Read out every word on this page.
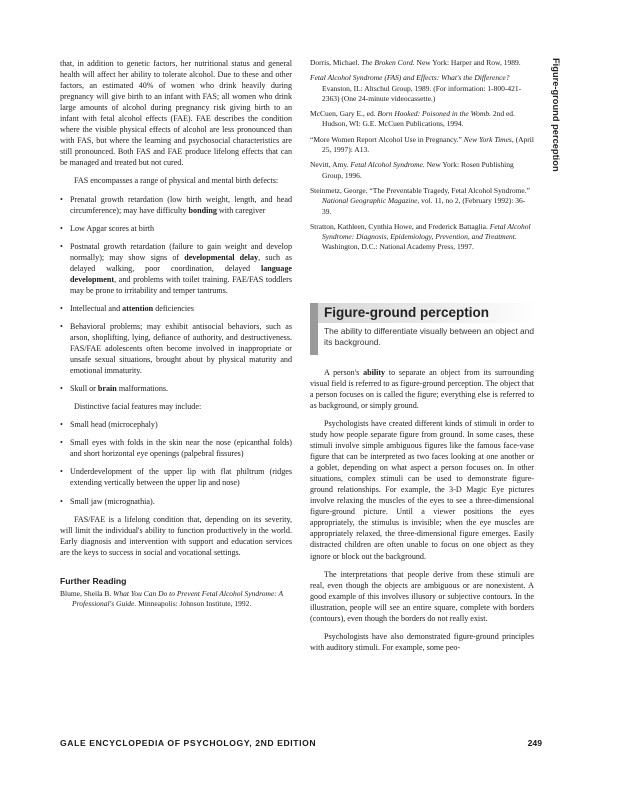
Figure-ground perception

that, in addition to genetic factors, her nutritional status and general health will affect her ability to tolerate alcohol. Due to these and other factors, an estimated 40% of women who drink heavily during pregnancy will give birth to an infant with FAS; all women who drink large amounts of alcohol during pregnancy risk giving birth to an infant with fetal alcohol effects (FAE). FAE describes the condition where the visible physical effects of alcohol are less pronounced than with FAS, but where the learning and psychosocial characteristics are still pronounced. Both FAS and FAE produce lifelong effects that can be managed and treated but not cured.

FAS encompasses a range of physical and mental birth defects:

• Prenatal growth retardation (low birth weight, length, and head circumference); may have difficulty bonding with caregiver
• Low Apgar scores at birth
• Postnatal growth retardation (failure to gain weight and develop normally); may show signs of developmental delay, such as delayed walking, poor coordination, delayed language development, and problems with toilet training. FAE/FAS toddlers may be prone to irritability and temper tantrums.
• Intellectual and attention deficiencies
• Behavioral problems; may exhibit antisocial behaviors, such as arson, shoplifting, lying, defiance of authority, and destructiveness. FAS/FAE adolescents often become involved in inappropriate or unsafe sexual situations, brought about by physical maturity and emotional immaturity.
• Skull or brain malformations.

Distinctive facial features may include:

• Small head (microcephaly)
• Small eyes with folds in the skin near the nose (epicanthal folds) and short horizontal eye openings (palpebral fissures)
• Underdevelopment of the upper lip with flat philtrum (ridges extending vertically between the upper lip and nose)
• Small jaw (micrognathia).

FAS/FAE is a lifelong condition that, depending on its severity, will limit the individual's ability to function productively in the world. Early diagnosis and intervention with support and education services are the keys to success in social and vocational settings.

Further Reading

Blume, Sheila B. What You Can Do to Prevent Fetal Alcohol Syndrome: A Professional's Guide. Minneapolis: Johnson Institute, 1992.

Dorris, Michael. The Broken Cord. New York: Harper and Row, 1989.

Fetal Alcohol Syndrome (FAS) and Effects: What's the Difference? Evanston, IL: Altschul Group, 1989. (For information: 1-800-421-2363) (One 24-minute videocassette.)

McCuen, Gary E., ed. Born Hooked: Poisoned in the Womb. 2nd ed. Hudson, WI: G.E. McCuen Publications, 1994.

“More Women Report Alcohol Use in Pregnancy.” New York Times, (April 25, 1997): A13.

Nevitt, Amy. Fetal Alcohol Syndrome. New York: Rosen Publishing Group, 1996.

Steinmetz, George. “The Preventable Tragedy, Fetal Alcohol Syndrome.” National Geographic Magazine, vol. 11, no 2, (February 1992): 36-39.

Stratton, Kathleen, Cynthia Howe, and Frederick Battaglia. Fetal Alcohol Syndrome: Diagnosis, Epidemiology, Prevention, and Treatment. Washington, D.C.: National Academy Press, 1997.

Figure-ground perception

The ability to differentiate visually between an object and its background.

A person's ability to separate an object from its surrounding visual field is referred to as figure-ground perception. The object that a person focuses on is called the figure; everything else is referred to as background, or simply ground.

Psychologists have created different kinds of stimuli in order to study how people separate figure from ground. In some cases, these stimuli involve simple ambiguous figures like the famous face-vase figure that can be interpreted as two faces looking at one another or a goblet, depending on what aspect a person focuses on. In other situations, complex stimuli can be used to demonstrate figure-ground relationships. For example, the 3-D Magic Eye pictures involve relaxing the muscles of the eyes to see a three-dimensional figure-ground picture. Until a viewer positions the eyes appropriately, the stimulus is invisible; when the eye muscles are appropriately relaxed, the three-dimensional figure emerges. Easily distracted children are often unable to focus on one object as they ignore or block out the background.

The interpretations that people derive from these stimuli are real, even though the objects are ambiguous or are nonexistent. A good example of this involves illusory or subjective contours. In the illustration, people will see an entire square, complete with borders (contours), even though the borders do not really exist.

Psychologists have also demonstrated figure-ground principles with auditory stimuli. For example, some peo-

GALE ENCYCLOPEDIA OF PSYCHOLOGY, 2ND EDITION	249
